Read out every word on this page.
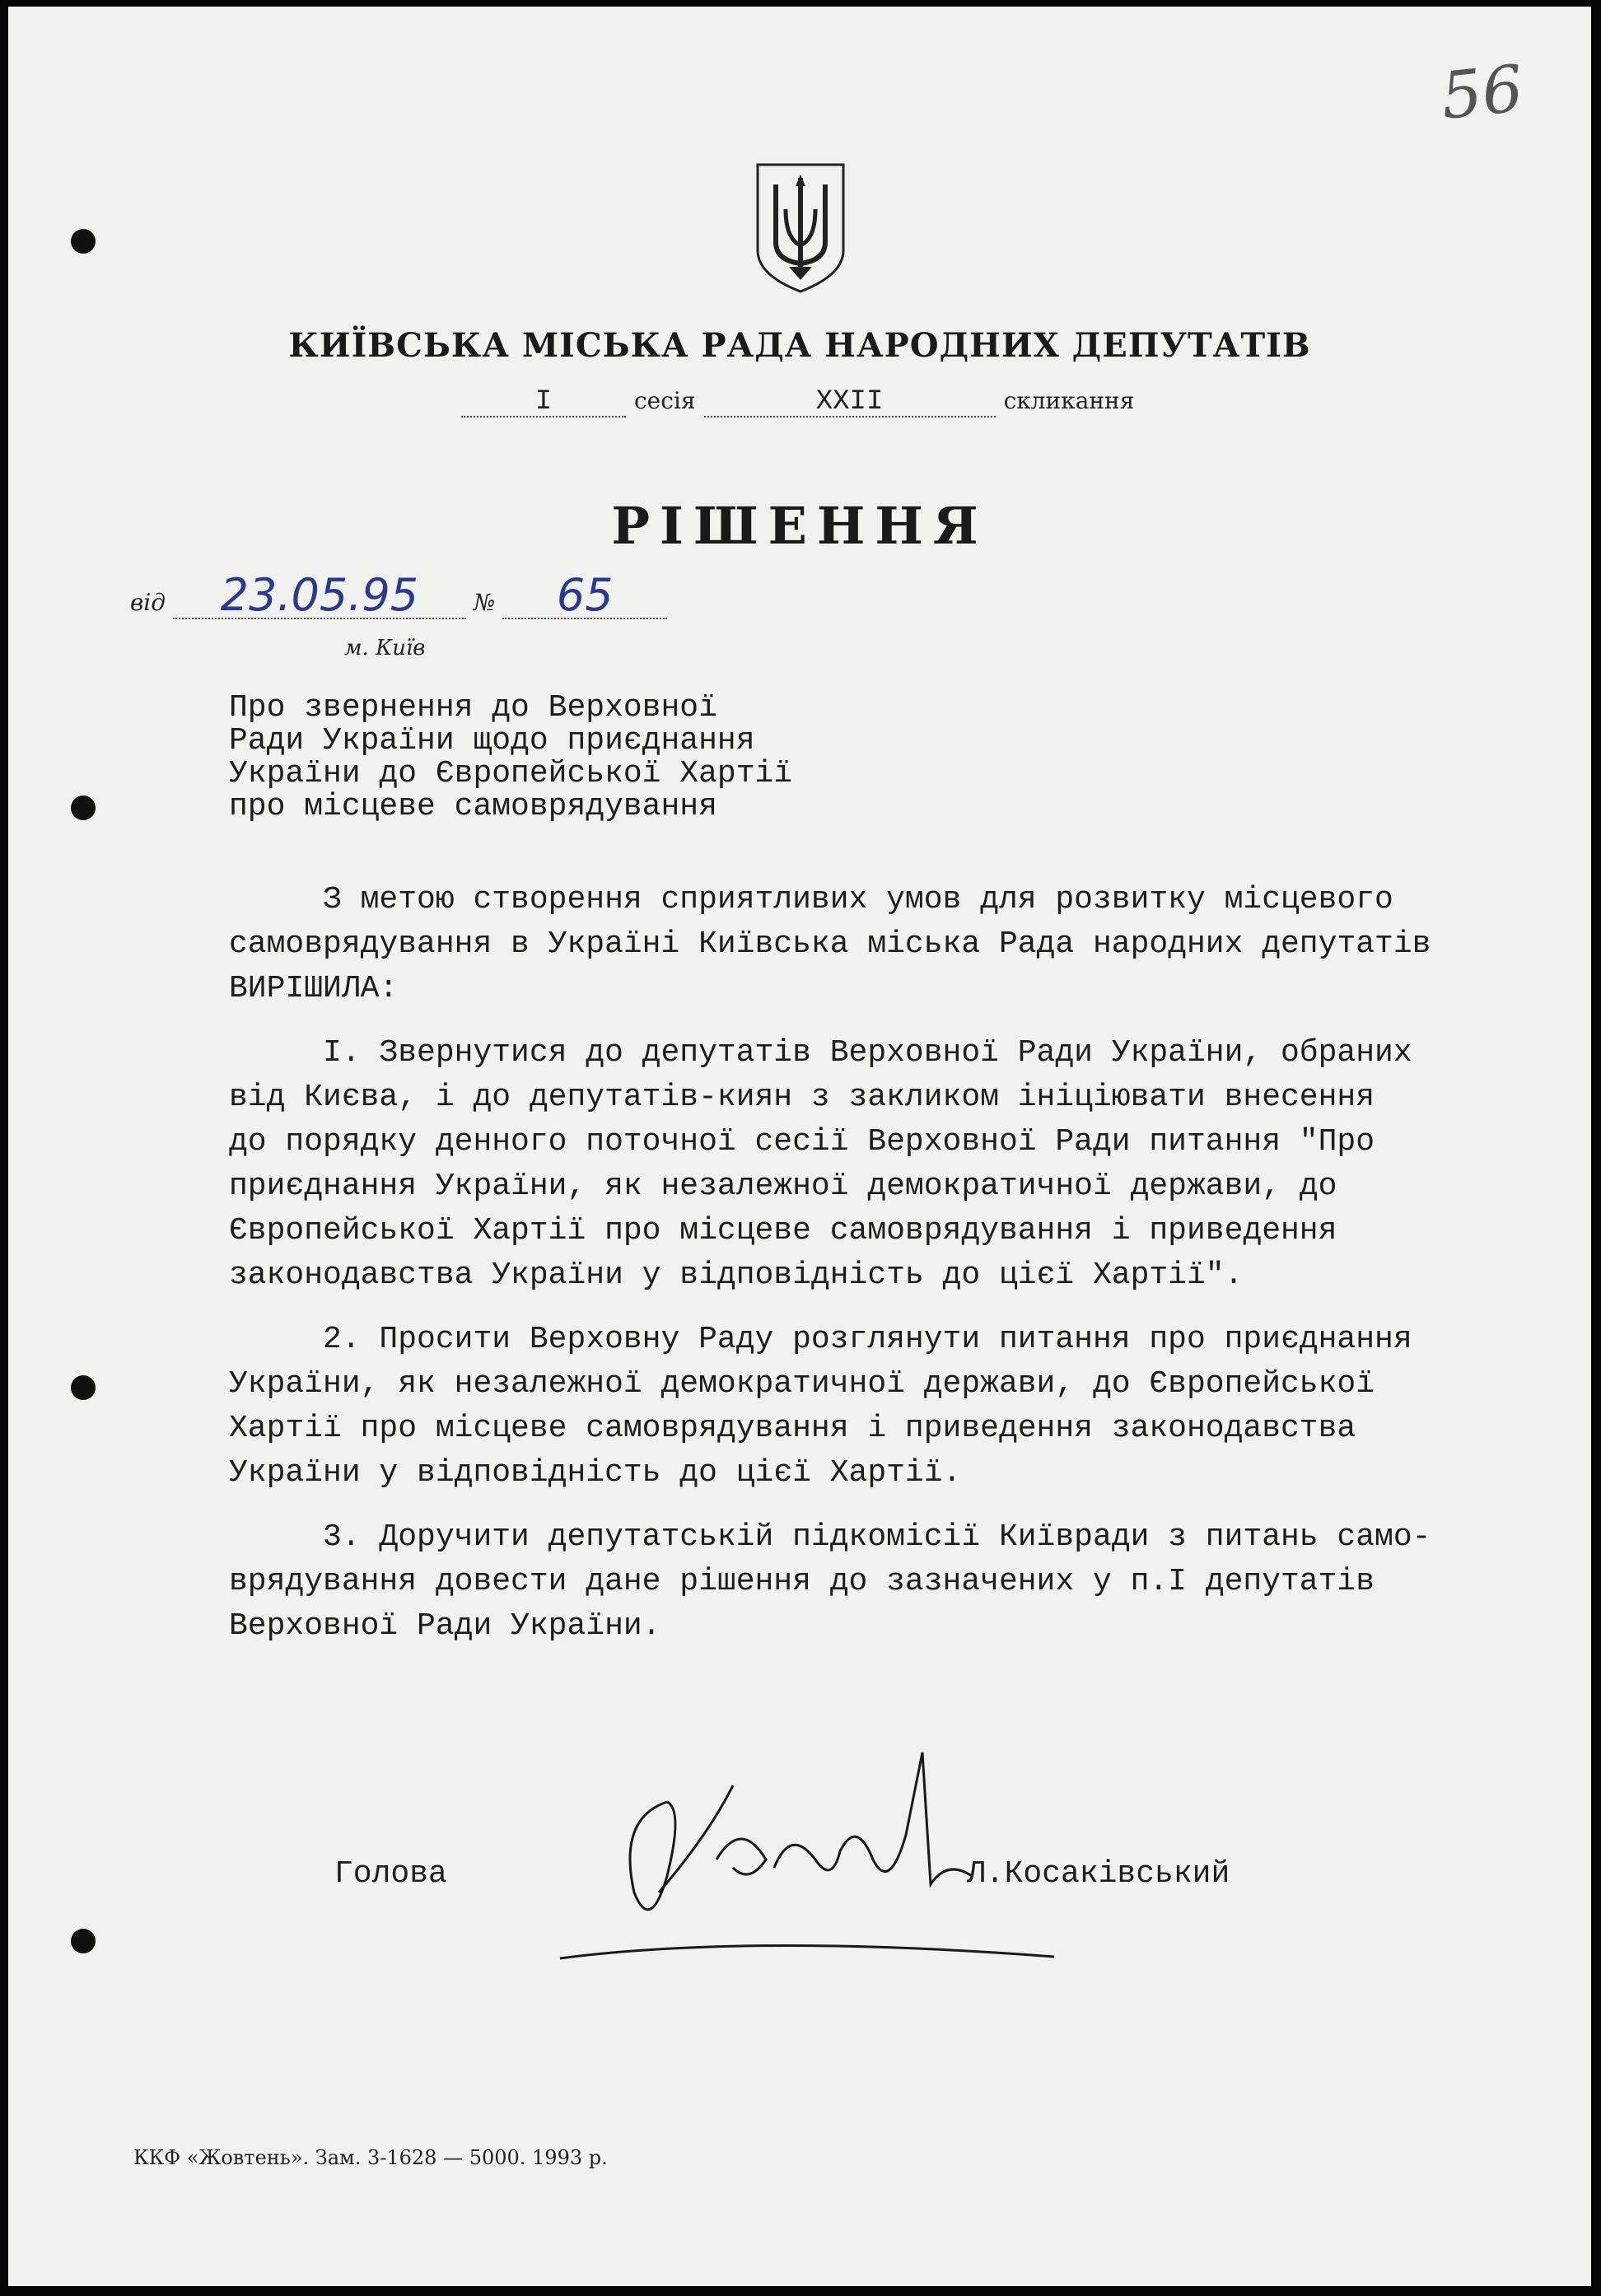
56
КИЇВСЬКА МІСЬКА РАДА НАРОДНИХ ДЕПУТАТІВ
I	сесія	XXII	скликання
РІШЕННЯ
від 23.05.95 № 65
м. Київ
Про звернення до Верховної
Ради України щодо приєднання
України до Європейської Хартії
про місцеве самоврядування
З метою створення сприятливих умов для розвитку місцевого
самоврядування в Україні Київська міська Рада народних депутатів
ВИРІШИЛА:
I. Звернутися до депутатів Верховної Ради України, обраних
від Києва, і до депутатів-киян з закликом ініціювати внесення
до порядку денного поточної сесії Верховної Ради питання "Про
приєднання України, як незалежної демократичної держави, до
Європейської Хартії про місцеве самоврядування і приведення
законодавства України у відповідність до цієї Хартії".
2. Просити Верховну Раду розглянути питання про приєднання
України, як незалежної демократичної держави, до Європейської
Хартії про місцеве самоврядування і приведення законодавства
України у відповідність до цієї Хартії.
3. Доручити депутатській підкомісії Київради з питань само-
врядування довести дане рішення до зазначених у п.I депутатів
Верховної Ради України.
Голова	Л.Косаківський
ККФ «Жовтень». Зам. 3-1628 — 5000. 1993 р.
